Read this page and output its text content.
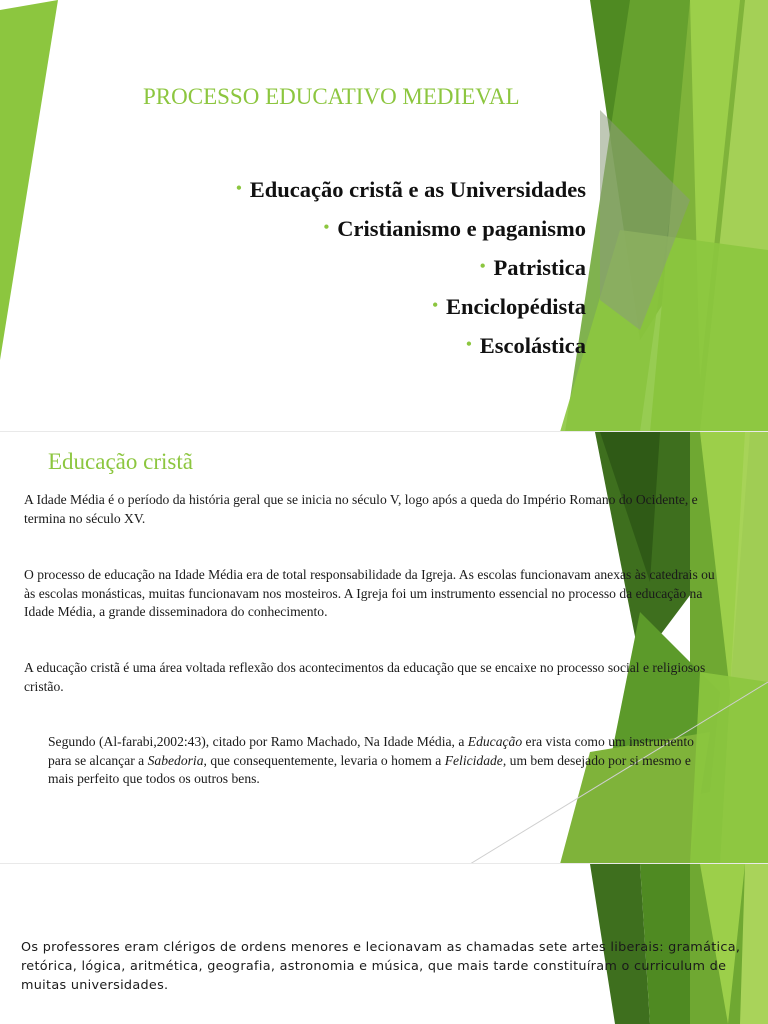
PROCESSO EDUCATIVO MEDIEVAL
• Educação cristã e as Universidades
• Cristianismo e paganismo
• Patristica
• Enciclopédista
• Escolástica
Educação cristã

A Idade Média é o período da história geral que se inicia no século V, logo após a queda do Império Romano do Ocidente, e termina no século XV.

O processo de educação na Idade Média era de total responsabilidade da Igreja. As escolas funcionavam anexas às catedrais ou às escolas monásticas, muitas funcionavam nos mosteiros. A Igreja foi um instrumento essencial no processo da educação na Idade Média, a grande disseminadora do conhecimento.

A educação cristã é uma área voltada reflexão dos acontecimentos da educação que se encaixe no processo social e religiosos cristão.

Segundo (Al-farabi,2002:43), citado por Ramo Machado, Na Idade Média, a Educação era vista como um instrumento para se alcançar a Sabedoria, que consequentemente, levaria o homem a Felicidade, um bem desejado por si mesmo e mais perfeito que todos os outros bens.

Os professores eram clérigos de ordens menores e lecionavam as chamadas sete artes liberais: gramática, retórica, lógica, aritmética, geografia, astronomia e música, que mais tarde constituíram o curriculum de muitas universidades.
